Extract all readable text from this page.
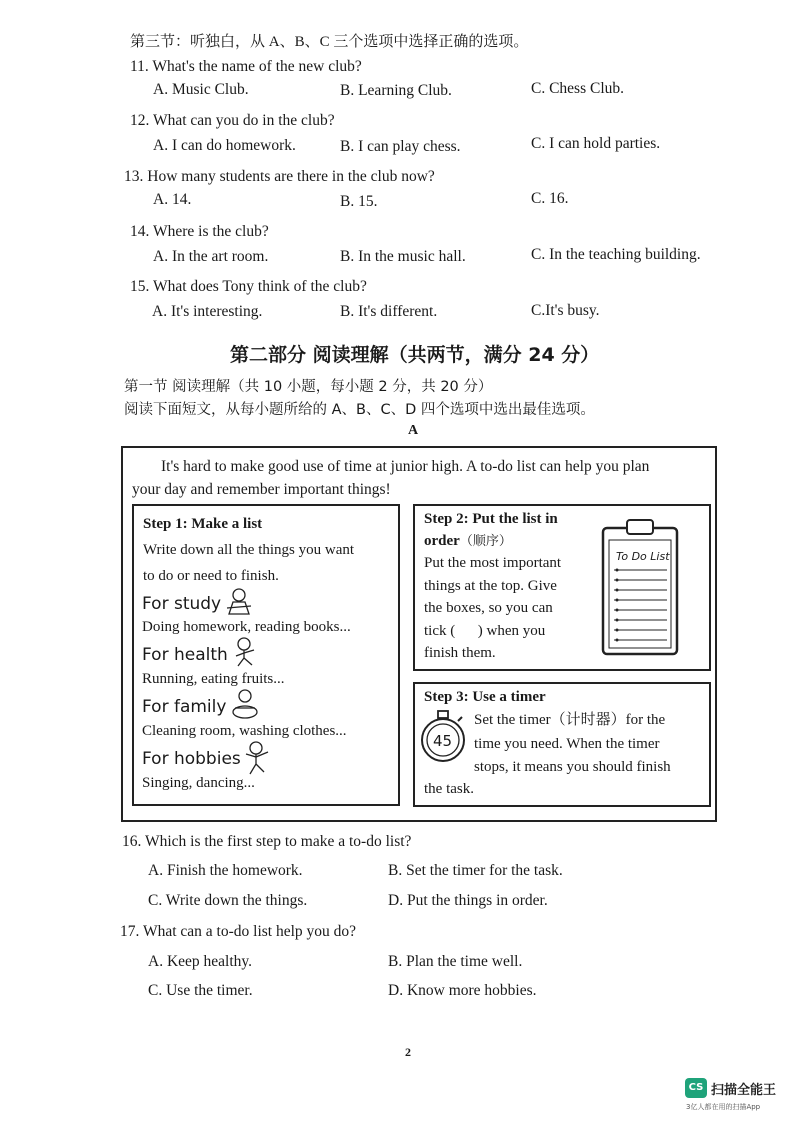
第三节：听独白，从 A、B、C 三个选项中选择正确的选项。
11. What's the name of the new club?
A. Music Club.	B. Learning Club.	C. Chess Club.
12. What can you do in the club?
A. I can do homework.	B. I can play chess.	C. I can hold parties.
13. How many students are there in the club now?
A. 14.	B. 15.	C. 16.
14. Where is the club?
A. In the art room.	B. In the music hall.	C. In the teaching building.
15. What does Tony think of the club?
A. It's interesting.	B. It's different.	C.It's busy.
第二部分 阅读理解（共两节，满分 24 分）
第一节 阅读理解（共 10 小题，每小题 2 分，共 20 分）
阅读下面短文，从每小题所给的 A、B、C、D 四个选项中选出最佳选项。
A
It's hard to make good use of time at junior high. A to-do list can help you plan
your day and remember important things!
Step 1: Make a list
Write down all the things you want
to do or need to finish.
For study
Doing homework, reading books...
For health
Running, eating fruits...
For family
Cleaning room, washing clothes...
For hobbies
Singing, dancing...
Step 2: Put the list in
order（顺序）
Put the most important
things at the top. Give
the boxes, so you can
tick (      ) when you
finish them.
To Do List
Step 3: Use a timer
45
Set the timer（计时器）for the
time you need. When the timer
stops, it means you should finish
the task.
16. Which is the first step to make a to-do list?
A. Finish the homework.	B. Set the timer for the task.
C. Write down the things.	D. Put the things in order.
17. What can a to-do list help you do?
A. Keep healthy.	B. Plan the time well.
C. Use the timer.	D. Know more hobbies.
2
CS 扫描全能王
3亿人都在用的扫描App
